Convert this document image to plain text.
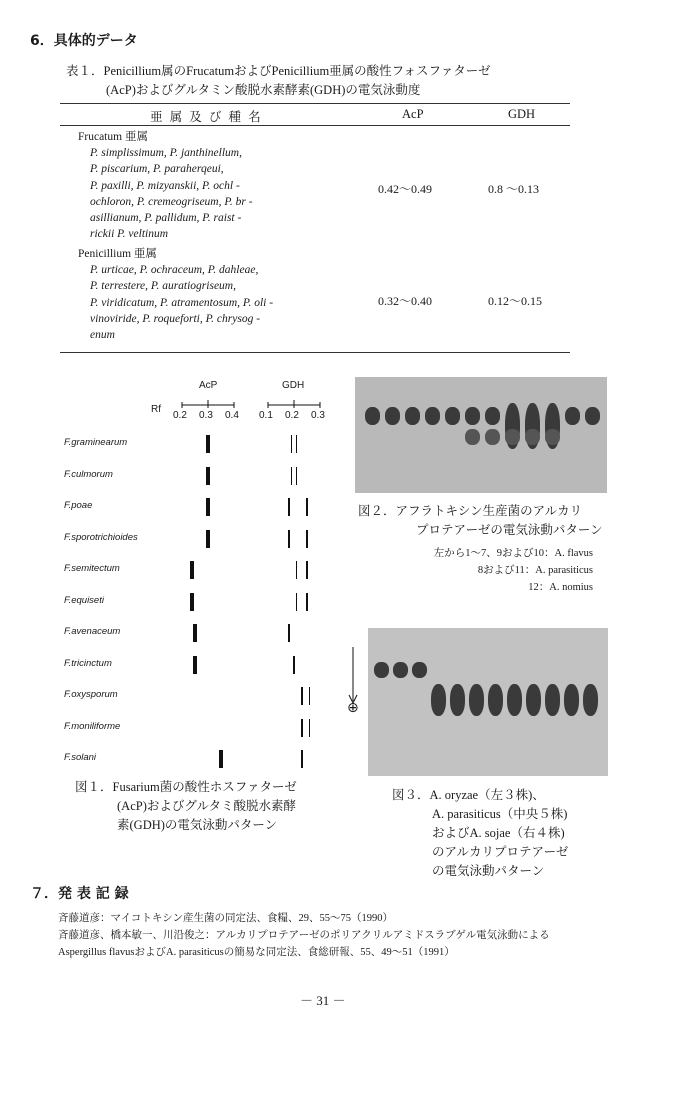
6．具体的データ
表１．Penicillium属のFrucatumおよびPenicillium亜属の酸性フォスファターゼ
(AcP)およびグルタミン酸脱水素酵素(GDH)の電気泳動度
亜 属 及 び 種 名	AcP	GDH
Frucatum 亜属
P. simplissimum, P. janthinellum,
P. piscarium, P. paraherqeui,
P. paxilli, P. mizyanskii, P. ochl -
ochloron, P. cremeogriseum, P. br -
asillianum, P. pallidum, P. raist -
rickii P. veltinum
0.42～0.49	0.8 ～0.13
Penicillium 亜属
P. urticae, P. ochraceum, P. dahleae,
P. terrestere, P. auratiogriseum,
P. viridicatum, P. atramentosum, P. oli -
vinoviride, P. roqueforti, P. chrysog -
enum
0.32～0.40	0.12～0.15
AcP	GDH
Rf
0.2 0.3 0.4 0.1 0.2 0.3
F.graminearum
F.culmorum
F.poae
F.sporotrichioides
F.semitectum
F.equiseti
F.avenaceum
F.tricinctum
F.oxysporum
F.moniliforme
F.solani
図２．アフラトキシン生産菌のアルカリ
プロテアーゼの電気泳動パターン
左から1～7、9および10：A. flavus
8および11：A. parasiticus
12：A. nomius
⊕
図３．A. oryzae（左３株)、
A. parasiticus（中央５株)
およびA. sojae（右４株)
のアルカリプロテアーゼ
の電気泳動パターン
図１．Fusarium菌の酸性ホスファターゼ
(AcP)およびグルタミ酸脱水素酵
素(GDH)の電気泳動パターン
７．発 表 記 録
斉藤道彦：マイコトキシン産生菌の同定法、食糧、29、55～75（1990）
斉藤道彦、橋本敏一、川沿俊之：アルカリプロテアーゼのポリアクリルアミドスラブゲル電気泳動による
Aspergillus flavusおよびA. parasiticusの簡易な同定法、食総研報、55、49～51（1991）
－ 31 －
